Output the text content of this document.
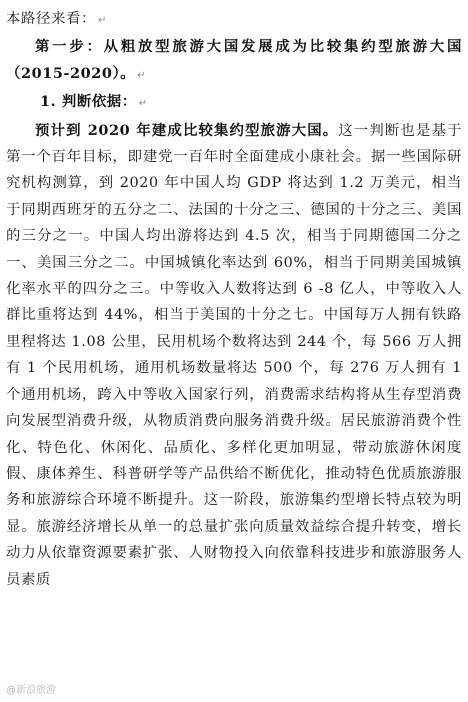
本路径来看： ↵

第一步：从粗放型旅游大国发展成为比较集约型旅游大国（2015-2020）。 ↵

1. 判断依据： ↵

预计到 2020 年建成比较集约型旅游大国。这一判断也是基于第一个百年目标，即建党一百年时全面建成小康社会。据一些国际研究机构测算，到 2020 年中国人均 GDP 将达到 1.2 万美元，相当于同期西班牙的五分之二、法国的十分之三、德国的十分之三、美国的三分之一。中国人均出游将达到 4.5 次，相当于同期德国二分之一、美国三分之二。中国城镇化率达到 60%，相当于同期美国城镇化率水平的四分之三。中等收入人数将达到 6 -8 亿人，中等收入人群比重将达到 44%，相当于美国的十分之七。中国每万人拥有铁路里程将达 1.08 公里，民用机场个数将达到 244 个，每 566 万人拥有 1 个民用机场，通用机场数量将达 500 个，每 276 万人拥有 1 个通用机场，跨入中等收入国家行列，消费需求结构将从生存型消费向发展型消费升级，从物质消费向服务消费升级。居民旅游消费个性化、特色化、休闲化、品质化、多样化更加明显，带动旅游休闲度假、康体养生、科普研学等产品供给不断优化，推动特色优质旅游服务和旅游综合环境不断提升。这一阶段，旅游集约型增长特点较为明显。旅游经济增长从单一的总量扩张向质量效益综合提升转变，增长动力从依靠资源要素扩张、人财物投入向依靠科技进步和旅游服务人员素质

@新浪旅游
